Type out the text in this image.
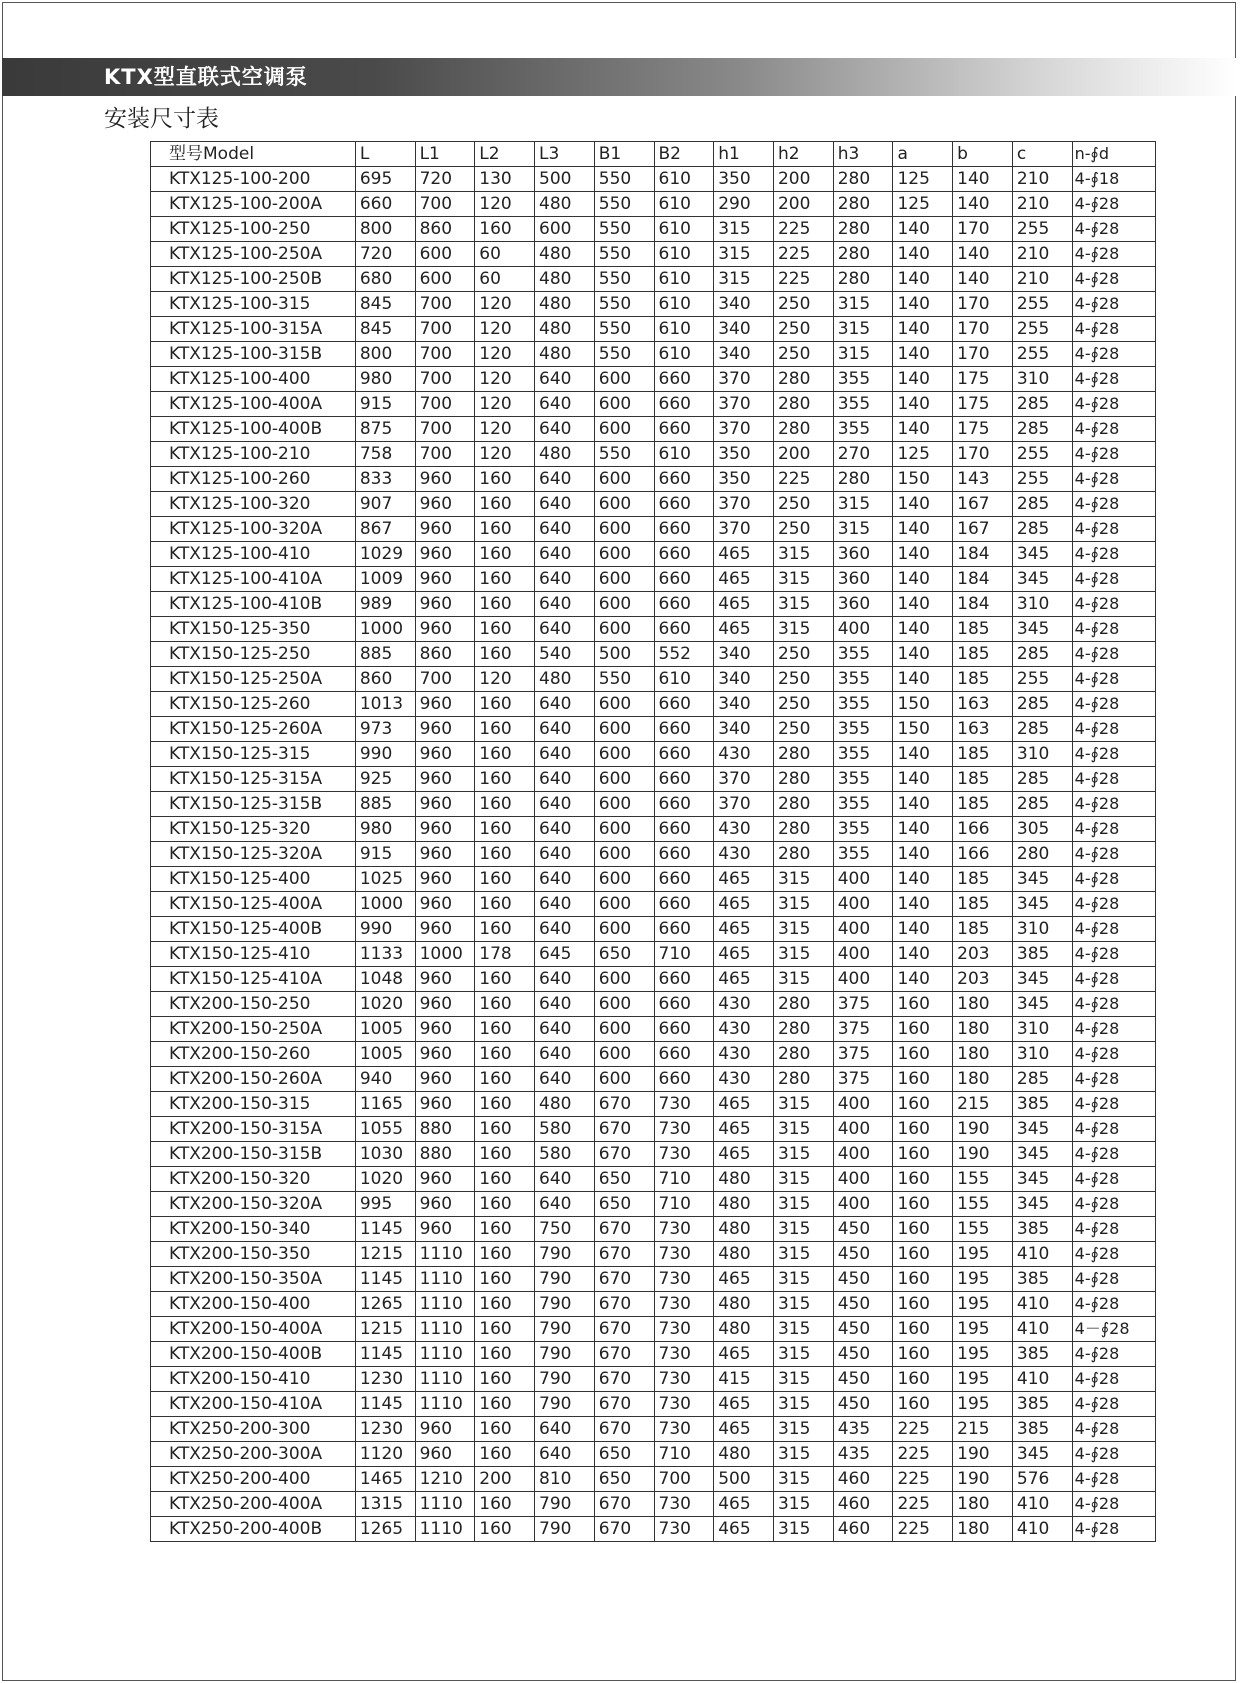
KTX型直联式空调泵
安装尺寸表
型号Model	L	L1	L2	L3	B1	B2	h1	h2	h3	a	b	c	n-∮d
KTX125-100-200	695	720	130	500	550	610	350	200	280	125	140	210	4-∮18
KTX125-100-200A	660	700	120	480	550	610	290	200	280	125	140	210	4-∮28
KTX125-100-250	800	860	160	600	550	610	315	225	280	140	170	255	4-∮28
KTX125-100-250A	720	600	60	480	550	610	315	225	280	140	140	210	4-∮28
KTX125-100-250B	680	600	60	480	550	610	315	225	280	140	140	210	4-∮28
KTX125-100-315	845	700	120	480	550	610	340	250	315	140	170	255	4-∮28
KTX125-100-315A	845	700	120	480	550	610	340	250	315	140	170	255	4-∮28
KTX125-100-315B	800	700	120	480	550	610	340	250	315	140	170	255	4-∮28
KTX125-100-400	980	700	120	640	600	660	370	280	355	140	175	310	4-∮28
KTX125-100-400A	915	700	120	640	600	660	370	280	355	140	175	285	4-∮28
KTX125-100-400B	875	700	120	640	600	660	370	280	355	140	175	285	4-∮28
KTX125-100-210	758	700	120	480	550	610	350	200	270	125	170	255	4-∮28
KTX125-100-260	833	960	160	640	600	660	350	225	280	150	143	255	4-∮28
KTX125-100-320	907	960	160	640	600	660	370	250	315	140	167	285	4-∮28
KTX125-100-320A	867	960	160	640	600	660	370	250	315	140	167	285	4-∮28
KTX125-100-410	1029	960	160	640	600	660	465	315	360	140	184	345	4-∮28
KTX125-100-410A	1009	960	160	640	600	660	465	315	360	140	184	345	4-∮28
KTX125-100-410B	989	960	160	640	600	660	465	315	360	140	184	310	4-∮28
KTX150-125-350	1000	960	160	640	600	660	465	315	400	140	185	345	4-∮28
KTX150-125-250	885	860	160	540	500	552	340	250	355	140	185	285	4-∮28
KTX150-125-250A	860	700	120	480	550	610	340	250	355	140	185	255	4-∮28
KTX150-125-260	1013	960	160	640	600	660	340	250	355	150	163	285	4-∮28
KTX150-125-260A	973	960	160	640	600	660	340	250	355	150	163	285	4-∮28
KTX150-125-315	990	960	160	640	600	660	430	280	355	140	185	310	4-∮28
KTX150-125-315A	925	960	160	640	600	660	370	280	355	140	185	285	4-∮28
KTX150-125-315B	885	960	160	640	600	660	370	280	355	140	185	285	4-∮28
KTX150-125-320	980	960	160	640	600	660	430	280	355	140	166	305	4-∮28
KTX150-125-320A	915	960	160	640	600	660	430	280	355	140	166	280	4-∮28
KTX150-125-400	1025	960	160	640	600	660	465	315	400	140	185	345	4-∮28
KTX150-125-400A	1000	960	160	640	600	660	465	315	400	140	185	345	4-∮28
KTX150-125-400B	990	960	160	640	600	660	465	315	400	140	185	310	4-∮28
KTX150-125-410	1133	1000	178	645	650	710	465	315	400	140	203	385	4-∮28
KTX150-125-410A	1048	960	160	640	600	660	465	315	400	140	203	345	4-∮28
KTX200-150-250	1020	960	160	640	600	660	430	280	375	160	180	345	4-∮28
KTX200-150-250A	1005	960	160	640	600	660	430	280	375	160	180	310	4-∮28
KTX200-150-260	1005	960	160	640	600	660	430	280	375	160	180	310	4-∮28
KTX200-150-260A	940	960	160	640	600	660	430	280	375	160	180	285	4-∮28
KTX200-150-315	1165	960	160	480	670	730	465	315	400	160	215	385	4-∮28
KTX200-150-315A	1055	880	160	580	670	730	465	315	400	160	190	345	4-∮28
KTX200-150-315B	1030	880	160	580	670	730	465	315	400	160	190	345	4-∮28
KTX200-150-320	1020	960	160	640	650	710	480	315	400	160	155	345	4-∮28
KTX200-150-320A	995	960	160	640	650	710	480	315	400	160	155	345	4-∮28
KTX200-150-340	1145	960	160	750	670	730	480	315	450	160	155	385	4-∮28
KTX200-150-350	1215	1110	160	790	670	730	480	315	450	160	195	410	4-∮28
KTX200-150-350A	1145	1110	160	790	670	730	465	315	450	160	195	385	4-∮28
KTX200-150-400	1265	1110	160	790	670	730	480	315	450	160	195	410	4-∮28
KTX200-150-400A	1215	1110	160	790	670	730	480	315	450	160	195	410	4－∮28
KTX200-150-400B	1145	1110	160	790	670	730	465	315	450	160	195	385	4-∮28
KTX200-150-410	1230	1110	160	790	670	730	415	315	450	160	195	410	4-∮28
KTX200-150-410A	1145	1110	160	790	670	730	465	315	450	160	195	385	4-∮28
KTX250-200-300	1230	960	160	640	670	730	465	315	435	225	215	385	4-∮28
KTX250-200-300A	1120	960	160	640	650	710	480	315	435	225	190	345	4-∮28
KTX250-200-400	1465	1210	200	810	650	700	500	315	460	225	190	576	4-∮28
KTX250-200-400A	1315	1110	160	790	670	730	465	315	460	225	180	410	4-∮28
KTX250-200-400B	1265	1110	160	790	670	730	465	315	460	225	180	410	4-∮28
